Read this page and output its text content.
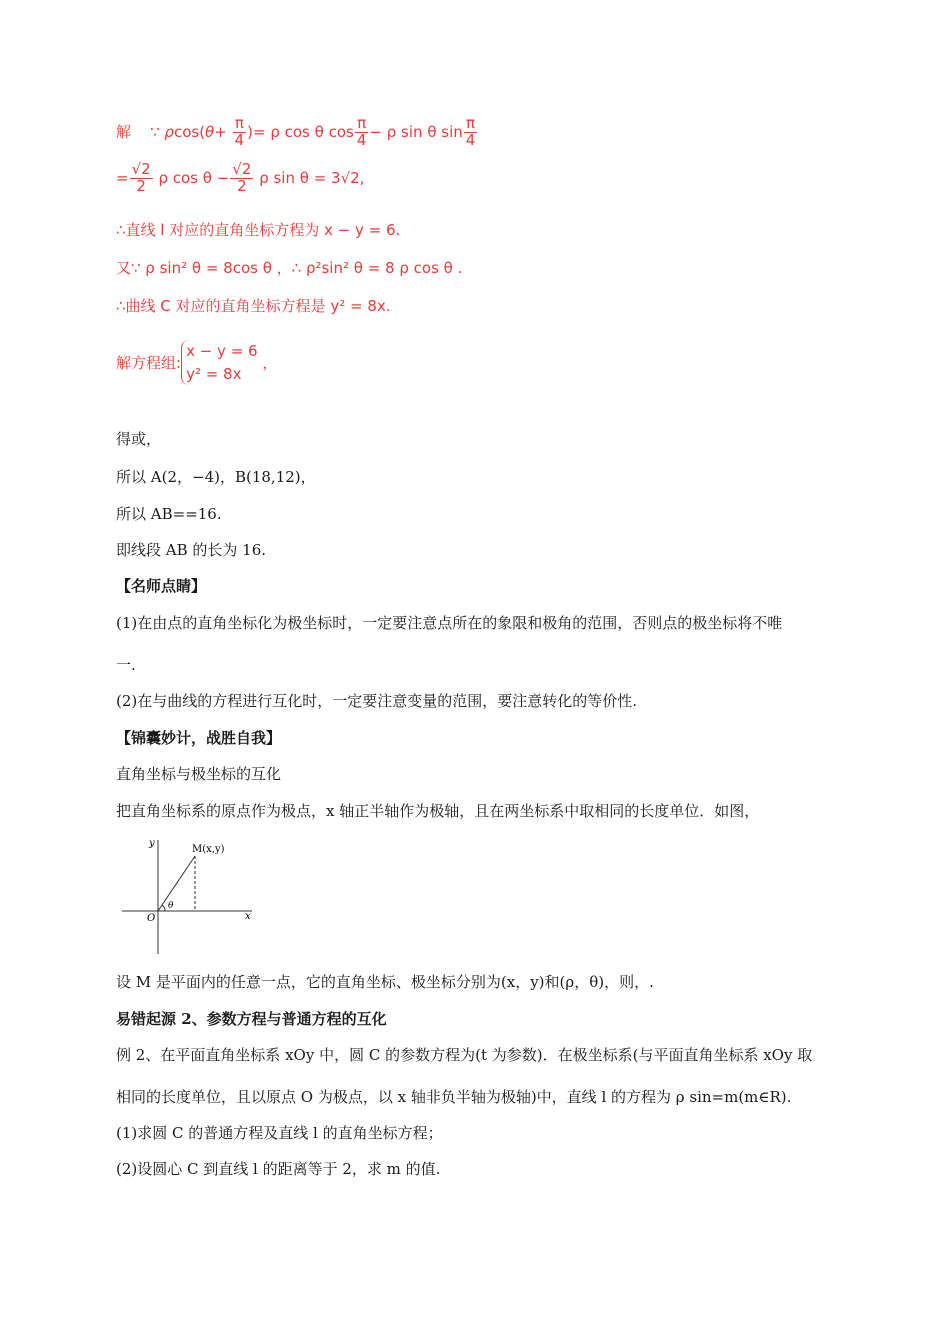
解 ∵ $\rho\cos(\theta+ \frac{\pi}{4}$ )= ρ cos θ $\cos \frac{\pi}{4} - \rho$ sin θ $\sin \frac{\pi}{4}$
= $\frac{√2}{2}$ ρ $\cos \theta - \frac{√2}{2}$ ρ sin θ = 3√2,
∴直线 l 对应的直角坐标方程为 x − y = 6.
又∵ ρ sin² θ = 8cos θ ，∴ ρ²sin² θ = 8 ρ cos θ .
∴曲线 C 对应的直角坐标方程是 y² = 8x.
解方程组:
x − y = 6
y² = 8x
，
得或，
所以 A(2，−4)，B(18,12)，
所以 AB==16.
即线段 AB 的长为 16.
【名师点睛】
(1)在由点的直角坐标化为极坐标时，一定要注意点所在的象限和极角的范围，否则点的极坐标将不唯
一.
(2)在与曲线的方程进行互化时，一定要注意变量的范围，要注意转化的等价性.
【锦囊妙计，战胜自我】
直角坐标与极坐标的互化
把直角坐标系的原点作为极点，x 轴正半轴作为极轴，且在两坐标系中取相同的长度单位．如图，
y
x
O
M(x,y)
θ
设 M 是平面内的任意一点，它的直角坐标、极坐标分别为(x，y)和(ρ，θ)，则，.
易错起源 2、参数方程与普通方程的互化
例 2、在平面直角坐标系 xOy 中，圆 C 的参数方程为(t 为参数)．在极坐标系(与平面直角坐标系 xOy 取
相同的长度单位，且以原点 O 为极点，以 x 轴非负半轴为极轴)中，直线 l 的方程为 ρ sin=m(m∈R).
(1)求圆 C 的普通方程及直线 l 的直角坐标方程；
(2)设圆心 C 到直线 l 的距离等于 2，求 m 的值.
